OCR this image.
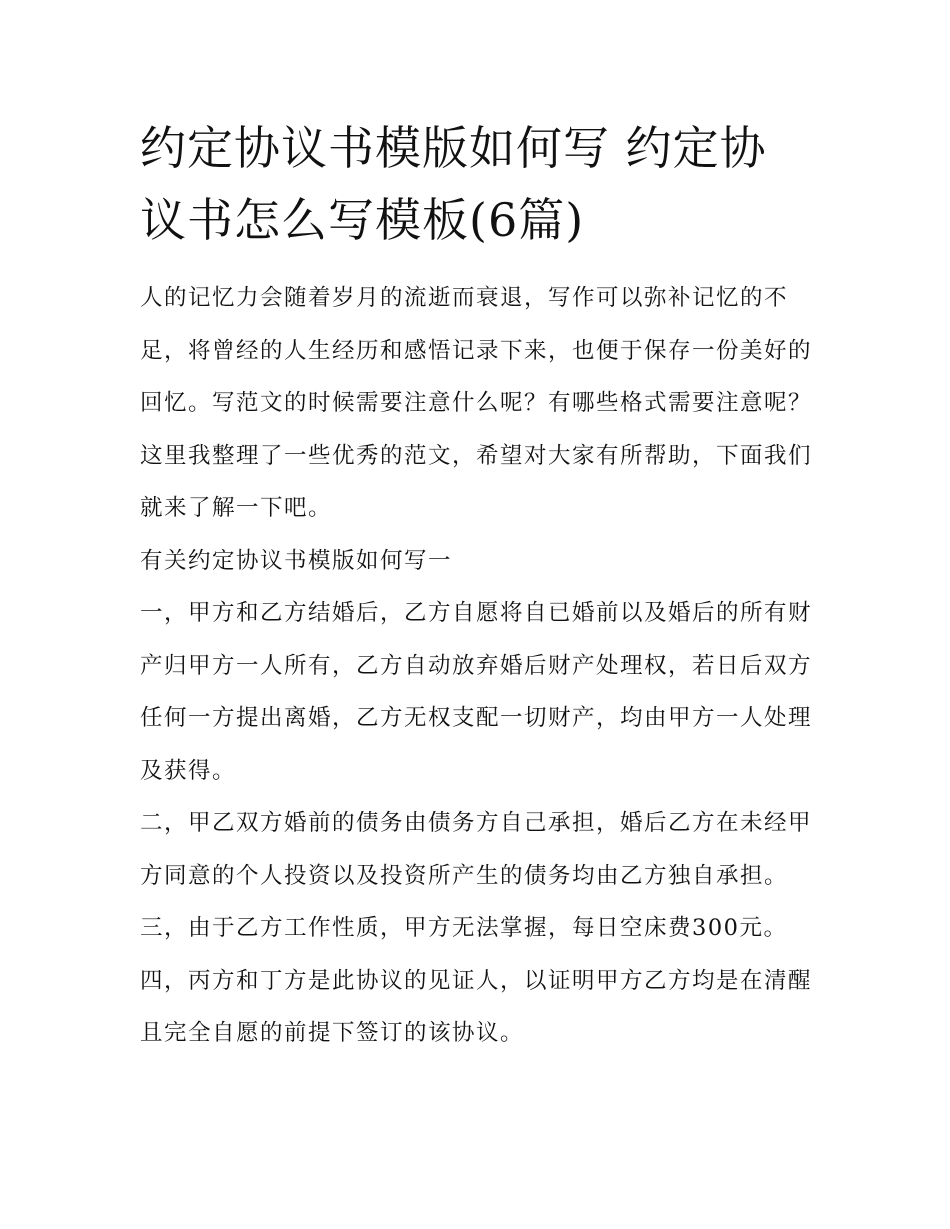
约定协议书模版如何写 约定协议书怎么写模板(6篇)

人的记忆力会随着岁月的流逝而衰退，写作可以弥补记忆的不足，将曾经的人生经历和感悟记录下来，也便于保存一份美好的回忆。写范文的时候需要注意什么呢？有哪些格式需要注意呢？这里我整理了一些优秀的范文，希望对大家有所帮助，下面我们就来了解一下吧。

有关约定协议书模版如何写一

一，甲方和乙方结婚后，乙方自愿将自已婚前以及婚后的所有财产归甲方一人所有，乙方自动放弃婚后财产处理权，若日后双方任何一方提出离婚，乙方无权支配一切财产，均由甲方一人处理及获得。

二，甲乙双方婚前的债务由债务方自己承担，婚后乙方在未经甲方同意的个人投资以及投资所产生的债务均由乙方独自承担。

三，由于乙方工作性质，甲方无法掌握，每日空床费300元。

四，丙方和丁方是此协议的见证人，以证明甲方乙方均是在清醒且完全自愿的前提下签订的该协议。
